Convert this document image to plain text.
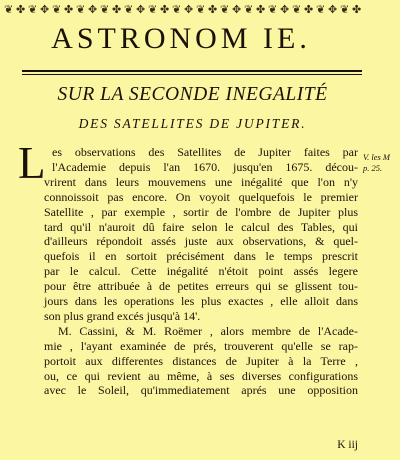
❦ ✤ ❦ ✥ ❦ ✤ ❦ ✥ ❦ ✤ ❦ ✥ ❦ ✤ ❦ ✥ ❦ ✤ ❦ ✥ ❦ ✤ ❦ ✥ ❦ ✤ ❦ ✥ ❦ ✤
ASTRONOM IE.
SUR LA SECONDE INEGALITÉ
DES SATELLITES DE JUPITER.
L es observations des Satellites de Jupiter faites par
l'Academie depuis l'an 1670. jusqu'en 1675. décou-
vrirent dans leurs mouvemens une inégalité que l'on n'y
connoissoit pas encore. On voyoit quelquefois le premier
Satellite , par exemple , sortir de l'ombre de Jupiter plus
tard qu'il n'auroit dû faire selon le calcul des Tables, qui
d'ailleurs répondoit assés juste aux observations, & quel-
quefois il en sortoit précisément dans le temps prescrit
par le calcul. Cette inégalité n'étoit point assés legere
pour être attribuée à de petites erreurs qui se glissent tou-
jours dans les operations les plus exactes , elle alloit dans
son plus grand excés jusqu'à 14'.
M. Cassini, & M. Roëmer , alors membre de l'Acade-
mie , l'ayant examinée de prés, trouverent qu'elle se rap-
portoit aux differentes distances de Jupiter à la Terre ,
ou, ce qui revient au même, à ses diverses configurations
avec le Soleil, qu'immediatement aprés une opposition
V. les M
p. 25.
K iij
